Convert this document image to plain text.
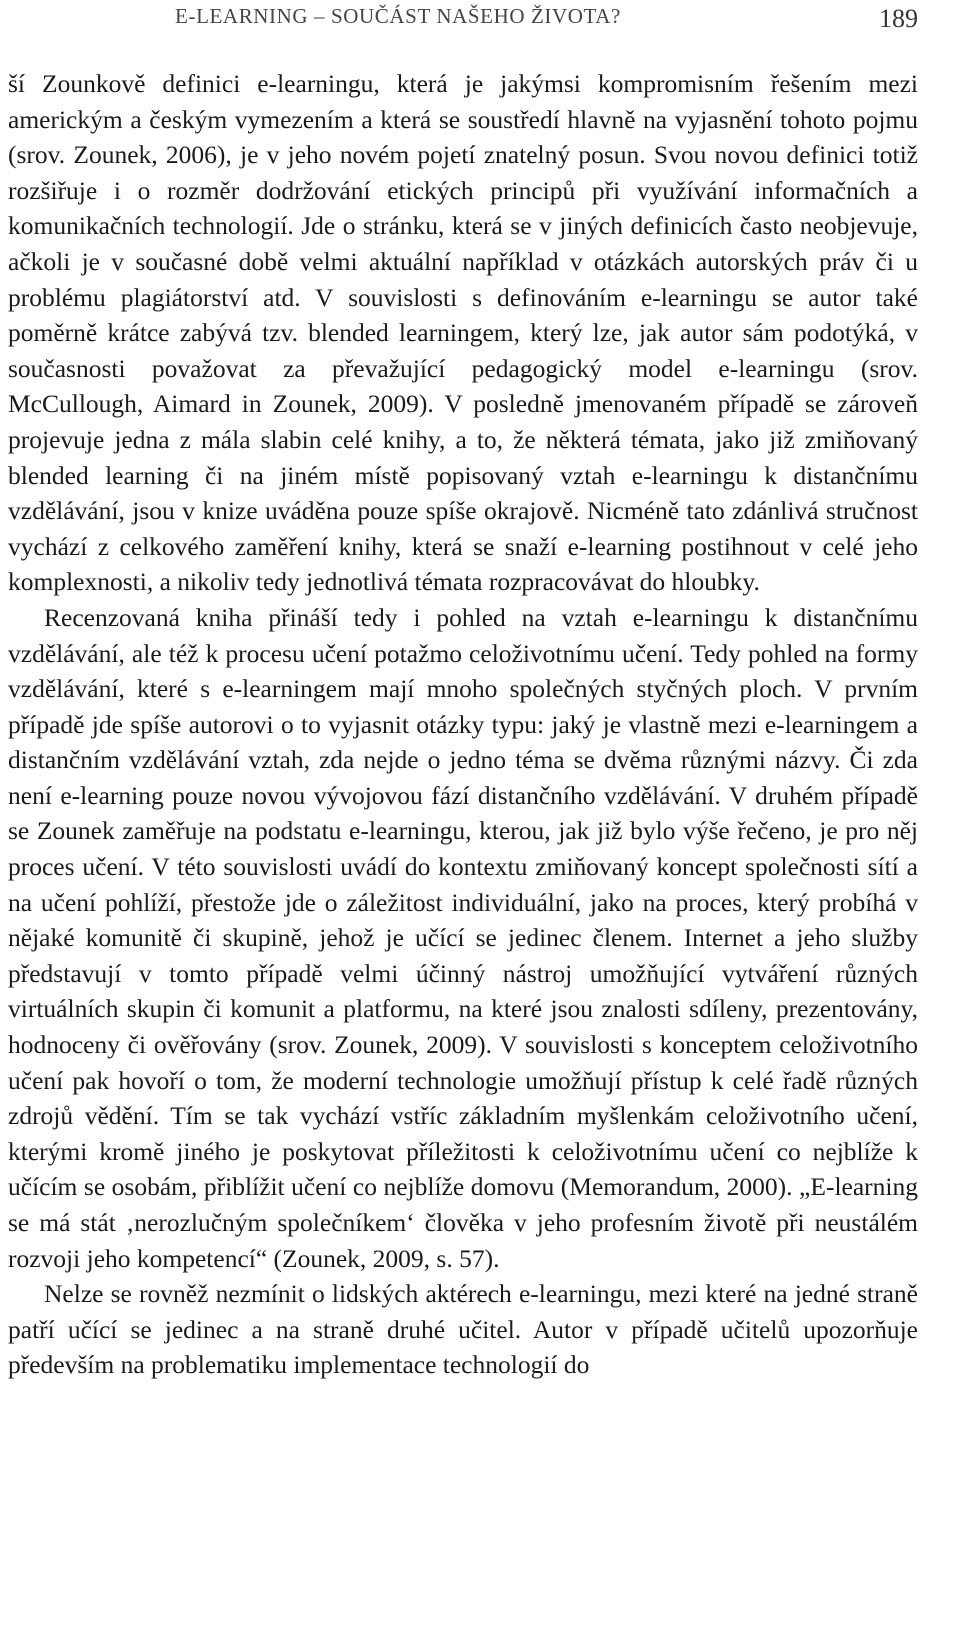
E-LEARNING – SOUČÁST NAŠEHO ŽIVOTA?	189

ší Zounkově definici e-learningu, která je jakýmsi kompromisním řešením mezi americkým a českým vymezením a která se soustředí hlavně na vyjasnění tohoto pojmu (srov. Zounek, 2006), je v jeho novém pojetí znatelný posun. Svou novou definici totiž rozšiřuje i o rozměr dodržování etických principů při využívání informačních a komunikačních technologií. Jde o stránku, která se v jiných definicích často neobjevuje, ačkoli je v současné době velmi aktuální například v otázkách autorských práv či u problému plagiátorství atd. V souvislosti s definováním e-learningu se autor také poměrně krátce zabývá tzv. blended learningem, který lze, jak autor sám podotýká, v současnosti považovat za převažující pedagogický model e-learningu (srov. McCullough, Aimard in Zounek, 2009). V posledně jmenovaném případě se zároveň projevuje jedna z mála slabin celé knihy, a to, že některá témata, jako již zmiňovaný blended learning či na jiném místě popisovaný vztah e-learningu k distančnímu vzdělávání, jsou v knize uváděna pouze spíše okrajově. Nicméně tato zdánlivá stručnost vychází z celkového zaměření knihy, která se snaží e-learning postihnout v celé jeho komplexnosti, a nikoliv tedy jednotlivá témata rozpracovávat do hloubky.

Recenzovaná kniha přináší tedy i pohled na vztah e-learningu k distančnímu vzdělávání, ale též k procesu učení potažmo celoživotnímu učení. Tedy pohled na formy vzdělávání, které s e-learningem mají mnoho společných styčných ploch. V prvním případě jde spíše autorovi o to vyjasnit otázky typu: jaký je vlastně mezi e-learningem a distančním vzdělávání vztah, zda nejde o jedno téma se dvěma různými názvy. Či zda není e-learning pouze novou vývojovou fází distančního vzdělávání. V druhém případě se Zounek zaměřuje na podstatu e-learningu, kterou, jak již bylo výše řečeno, je pro něj proces učení. V této souvislosti uvádí do kontextu zmiňovaný koncept společnosti sítí a na učení pohlíží, přestože jde o záležitost individuální, jako na proces, který probíhá v nějaké komunitě či skupině, jehož je učící se jedinec členem. Internet a jeho služby představují v tomto případě velmi účinný nástroj umožňující vytváření různých virtuálních skupin či komunit a platformu, na které jsou znalosti sdíleny, prezentovány, hodnoceny či ověřovány (srov. Zounek, 2009). V souvislosti s konceptem celoživotního učení pak hovoří o tom, že moderní technologie umožňují přístup k celé řadě různých zdrojů vědění. Tím se tak vychází vstříc základním myšlenkám celoživotního učení, kterými kromě jiného je poskytovat příležitosti k celoživotnímu učení co nejblíže k učícím se osobám, přiblížit učení co nejblíže domovu (Memorandum, 2000). „E-learning se má stát ‚nerozlučným společníkem‘ člověka v jeho profesním životě při neustálém rozvoji jeho kompetencí“ (Zounek, 2009, s. 57).

Nelze se rovněž nezmínit o lidských aktérech e-learningu, mezi které na jedné straně patří učící se jedinec a na straně druhé učitel. Autor v případě učitelů upozorňuje především na problematiku implementace technologií do
